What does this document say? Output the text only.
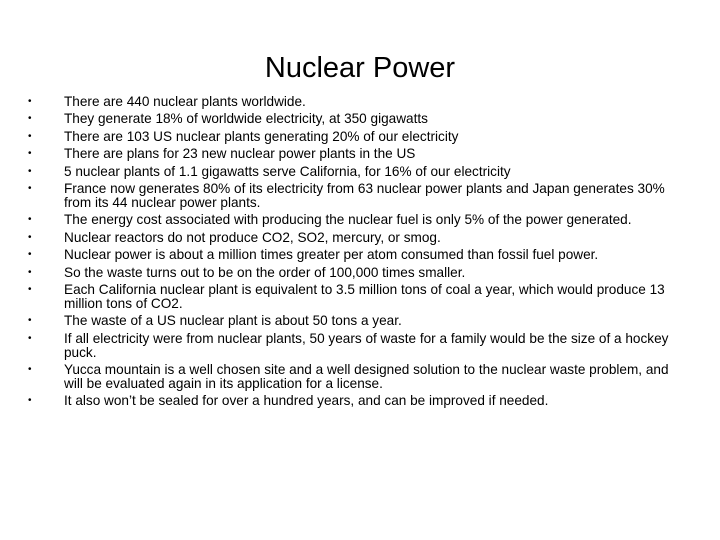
Nuclear Power
•	There are 440 nuclear plants worldwide.
•	They generate 18% of worldwide electricity, at 350 gigawatts
•	There are 103 US nuclear plants generating 20% of our electricity
•	There are plans for 23 new nuclear power plants in the US
•	5 nuclear plants of 1.1 gigawatts serve California, for 16% of our electricity
•	France now generates 80% of its electricity from 63 nuclear power plants and Japan generates 30% from its 44 nuclear power plants.
•	The energy cost associated with producing the nuclear fuel is only 5% of the power generated.
•	Nuclear reactors do not produce CO2, SO2, mercury, or smog.
•	Nuclear power is about a million times greater per atom consumed than fossil fuel power.
•	So the waste turns out to be on the order of 100,000 times smaller.
•	Each California nuclear plant is equivalent to 3.5 million tons of coal a year, which would produce 13 million tons of CO2.
•	The waste of a US nuclear plant is about 50 tons a year.
•	If all electricity were from nuclear plants, 50 years of waste for a family would be the size of a hockey puck.
•	Yucca mountain is a well chosen site and a well designed solution to the nuclear waste problem, and will be evaluated again in its application for a license.
•	It also won’t be sealed for over a hundred years, and can be improved if needed.
